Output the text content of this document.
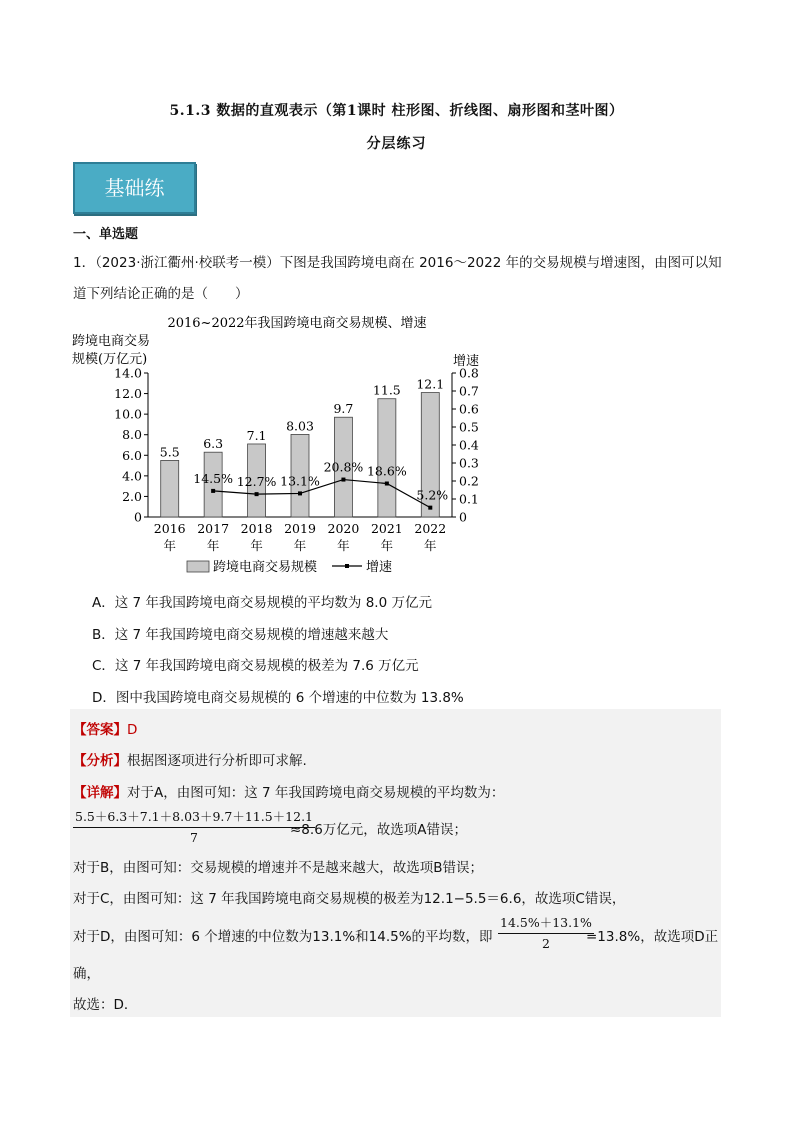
5.1.3 数据的直观表示（第1课时 柱形图、折线图、扇形图和茎叶图）
分层练习
基础练
一、单选题
1．（2023·浙江衢州·校联考一模）下图是我国跨境电商在 2016～2022 年的交易规模与增速图，由图可以知道下列结论正确的是（　　）
2016~2022年我国跨境电商交易规模、增速
跨境电商交易
规模(万亿元)	增速
0
2.0
4.0
6.0
8.0
10.0
12.0
14.0
0
0.1
0.2
0.3
0.4
0.5
0.6
0.7
0.8
5.5
6.3
7.1
8.03
9.7
11.5 12.1
2016
年
2017
年
2018
年
2019
年
2020
年
2021
年
2022
年
14.5% 12.7% 13.1%
20.8% 18.6%
5.2%
跨境电商交易规模	增速
A．这 7 年我国跨境电商交易规模的平均数为 8.0 万亿元
B．这 7 年我国跨境电商交易规模的增速越来越大
C．这 7 年我国跨境电商交易规模的极差为 7.6 万亿元
D．图中我国跨境电商交易规模的 6 个增速的中位数为 13.8%
【答案】D
【分析】根据图逐项进行分析即可求解.
【详解】对于A，由图可知：这 7 年我国跨境电商交易规模的平均数为：
$\frac{5.5+6.3+7.1+8.03+9.7+11.5+12.1}{7}$
≈8.6万亿元，故选项A错误；
对于B，由图可知：交易规模的增速并不是越来越大，故选项B错误；
对于C，由图可知：这 7 年我国跨境电商交易规模的极差为12.1−5.5＝6.6，故选项C错误，
对于D，由图可知：6 个增速的中位数为13.1%和14.5%的平均数，即 $\frac{14.5\%+13.1\%}{2}$
=13.8%，故选项D正
确，
故选：D．
